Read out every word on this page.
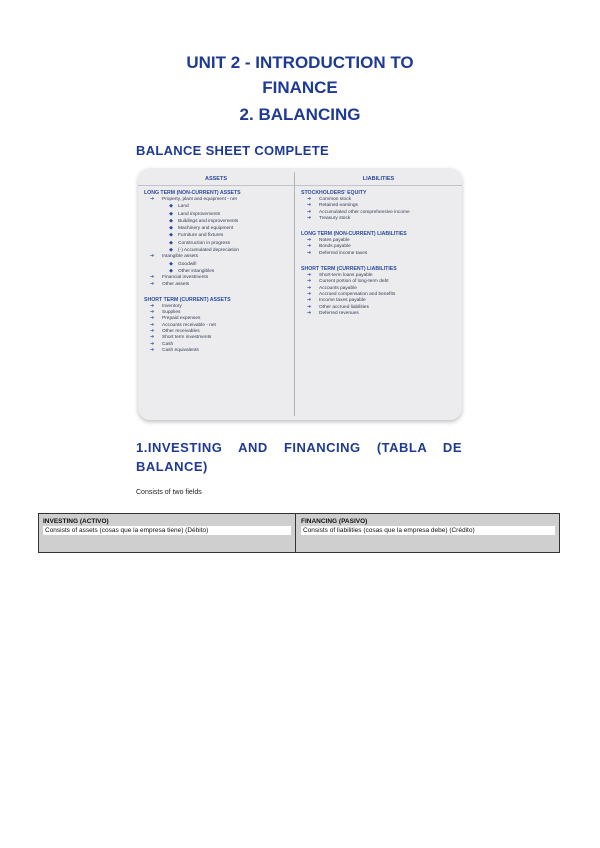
UNIT 2 - INTRODUCTION TO
FINANCE
2. BALANCING
BALANCE SHEET COMPLETE
ASSETS
LONG TERM (NON-CURRENT) ASSETS
➔ Property, plant and equipment - net
◆ Land
◆ Land improvements
◆ Buildings and improvements
◆ Machinery and equipment
◆ Furniture and fixtures
◆ Construction in progress
◆ (-) Accumulated depreciation
➔ Intangible assets
◆ Goodwill
◆ Other intangibles
➔ Financial investments
➔ Other assets
SHORT TERM (CURRENT) ASSETS
➔ Inventory
➔ Supplies
➔ Prepaid expenses
➔ Accounts receivable - net
➔ Other receivables
➔ Short term investments
➔ Cash
➔ Cash equivalents
LIABILITIES
STOCKHOLDERS' EQUITY
➔ Common stock
➔ Retained earnings
➔ Accumulated other comprehensive income
➔ Treasury stock
LONG TERM (NON-CURRENT) LIABILITIES
➔ Notes payable
➔ Bonds payable
➔ Deferred income taxes
SHORT TERM (CURRENT) LIABILITIES
➔ Short-term loans payable
➔ Current portion of long-term debt
➔ Accounts payable
➔ Accrued compensation and benefits
➔ Income taxes payable
➔ Other accrued liabilities
➔ Deferred revenues
1.INVESTING AND FINANCING (TABLA DE BALANCE)
Consists of two fields
INVESTING (ACTIVO)
Consists of assets (cosas que la empresa tiene) (Débito)
FINANCING (PASIVO)
Consists of liabilities (cosas que la empresa debe) (Crédito)
